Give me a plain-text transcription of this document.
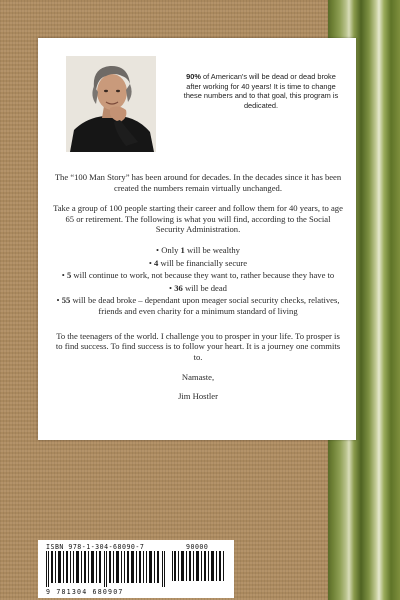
90% of American's will be dead or dead broke after working for 40 years! It is time to change these numbers and to that goal, this program is dedicated.

The “100 Man Story” has been around for decades. In the decades since it has been created the numbers remain virtually unchanged.

Take a group of 100 people starting their career and follow them for 40 years, to age 65 or retirement. The following is what you will find, according to the Social Security Administration.

• Only 1 will be wealthy
• 4 will be financially secure
• 5 will continue to work, not because they want to, rather because they have to
• 36 will be dead
• 55 will be dead broke – dependant upon meager social security checks, relatives, friends and even charity for a minimum standard of living

To the teenagers of the world. I challenge you to prosper in your life. To prosper is to find success. To find success is to follow your heart. It is a journey one commits to.

Namaste,

Jim Hostler

ISBN 978-1-304-68090-7	90000
9 781304 680907
